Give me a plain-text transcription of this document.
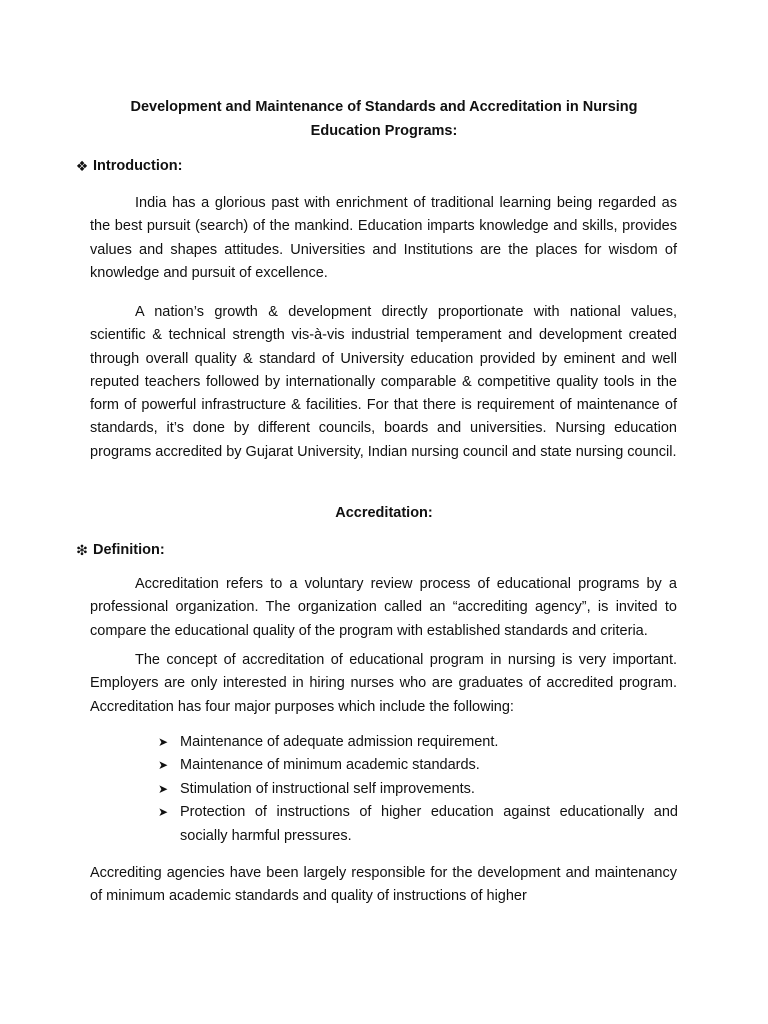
Development and Maintenance of Standards and Accreditation in Nursing
Education Programs:
❖ Introduction:

India has a glorious past with enrichment of traditional learning being regarded as the best pursuit (search) of the mankind. Education imparts knowledge and skills, provides values and shapes attitudes. Universities and Institutions are the places for wisdom of knowledge and pursuit of excellence.

A nation’s growth & development directly proportionate with national values, scientific & technical strength vis-à-vis industrial temperament and development created through overall quality & standard of University education provided by eminent and well reputed teachers followed by internationally comparable & competitive quality tools in the form of powerful infrastructure & facilities. For that there is requirement of maintenance of standards, it’s done by different councils, boards and universities. Nursing education programs accredited by Gujarat University, Indian nursing council and state nursing council.

Accreditation:
❇ Definition:

Accreditation refers to a voluntary review process of educational programs by a professional organization. The organization called an “accrediting agency”, is invited to compare the educational quality of the program with established standards and criteria.

The concept of accreditation of educational program in nursing is very important. Employers are only interested in hiring nurses who are graduates of accredited program. Accreditation has four major purposes which include the following:

➤ Maintenance of adequate admission requirement.
➤ Maintenance of minimum academic standards.
➤ Stimulation of instructional self improvements.
➤ Protection of instructions of higher education against educationally and socially harmful pressures.

Accrediting agencies have been largely responsible for the development and maintenancy of minimum academic standards and quality of instructions of higher
